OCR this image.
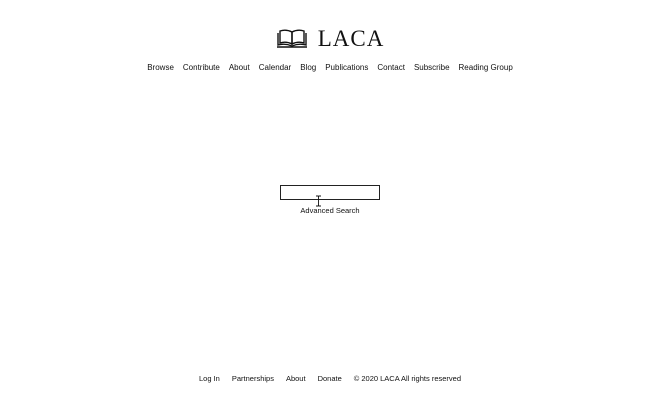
LACA
Browse Contribute About Calendar Blog Publications Contact Subscribe Reading Group
Advanced Search
Log In Partnerships About Donate © 2020 LACA All rights reserved
